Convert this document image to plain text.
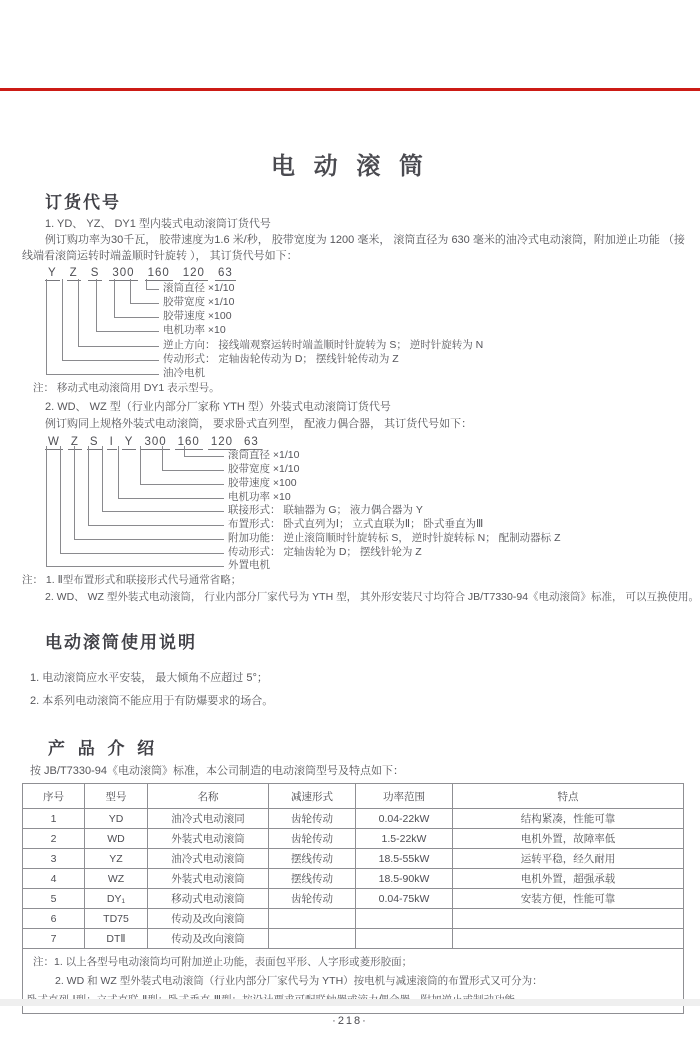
电 动 滚 筒
订货代号
1. YD、 YZ、 DY1 型内装式电动滚筒订货代号
例订购功率为30千瓦， 胶带速度为1.6 米/秒， 胶带宽度为 1200 毫米， 滚筒直径为 630 毫米的油冷式电动滚筒，附加逆止功能 （接
线端看滚筒运转时端盖顺时针旋转 ）， 其订货代号如下：
Y Z S 300 160 120 63
滚筒直径 ×1/10
胶带宽度 ×1/10
胶带速度 ×100
电机功率 ×10
逆止方向： 接线端观察运转时端盖顺时针旋转为 S； 逆时针旋转为 N
传动形式： 定轴齿轮传动为 D； 摆线针轮传动为 Z
油冷电机
注： 移动式电动滚筒用 DY1 表示型号。
2. WD、 WZ 型（行业内部分厂家称 YTH 型）外装式电动滚筒订货代号
例订购同上规格外装式电动滚筒， 要求卧式直列型， 配液力偶合器， 其订货代号如下：
W Z S I Y 300 160 120 63
滚筒直径 ×1/10
胶带宽度 ×1/10
胶带速度 ×100
电机功率 ×10
联接形式： 联轴器为 G； 液力偶合器为 Y
布置形式： 卧式直列为Ⅰ； 立式直联为Ⅱ； 卧式垂直为Ⅲ
附加功能： 逆止滚筒顺时针旋转标 S， 逆时针旋转标 N； 配制动器标 Z
传动形式： 定轴齿轮为 D； 摆线针轮为 Z
外置电机
注： 1. Ⅱ型布置形式和联接形式代号通常省略；
2. WD、 WZ 型外装式电动滚筒， 行业内部分厂家代号为 YTH 型， 其外形安装尺寸均符合 JB/T7330-94《电动滚筒》标准， 可以互换使用。
电动滚筒使用说明
1. 电动滚筒应水平安装， 最大倾角不应超过 5°；
2. 本系列电动滚筒不能应用于有防爆要求的场合。
产 品 介 绍
按 JB/T7330-94《电动滚筒》标准，本公司制造的电动滚筒型号及特点如下：
序号	型号	名称	减速形式	功率范围	特点
1	YD	油冷式电动滚同	齿轮传动	0.04-22kW	结构紧凑，性能可靠
2	WD	外装式电动滚筒	齿轮传动	1.5-22kW	电机外置，故障率低
3	YZ	油冷式电动滚筒	摆线传动	18.5-55kW	运转平稳，经久耐用
4	WZ	外装式电动滚筒	摆线传动	18.5-90kW	电机外置，超强承载
5	DY₁	移动式电动滚筒	齿轮传动	0.04-75kW	安装方便，性能可靠
6	TD75	传动及改向滚筒			
7	DTⅡ	传动及改向滚筒			

注：1. 以上各型号电动滚筒均可附加逆止功能，表面包平形、人字形或菱形胶面；
2. WD 和 WZ 型外装式电动滚筒（行业内部分厂家代号为 YTH）按电机与减速滚筒的布置形式又可分为：					
·218·
